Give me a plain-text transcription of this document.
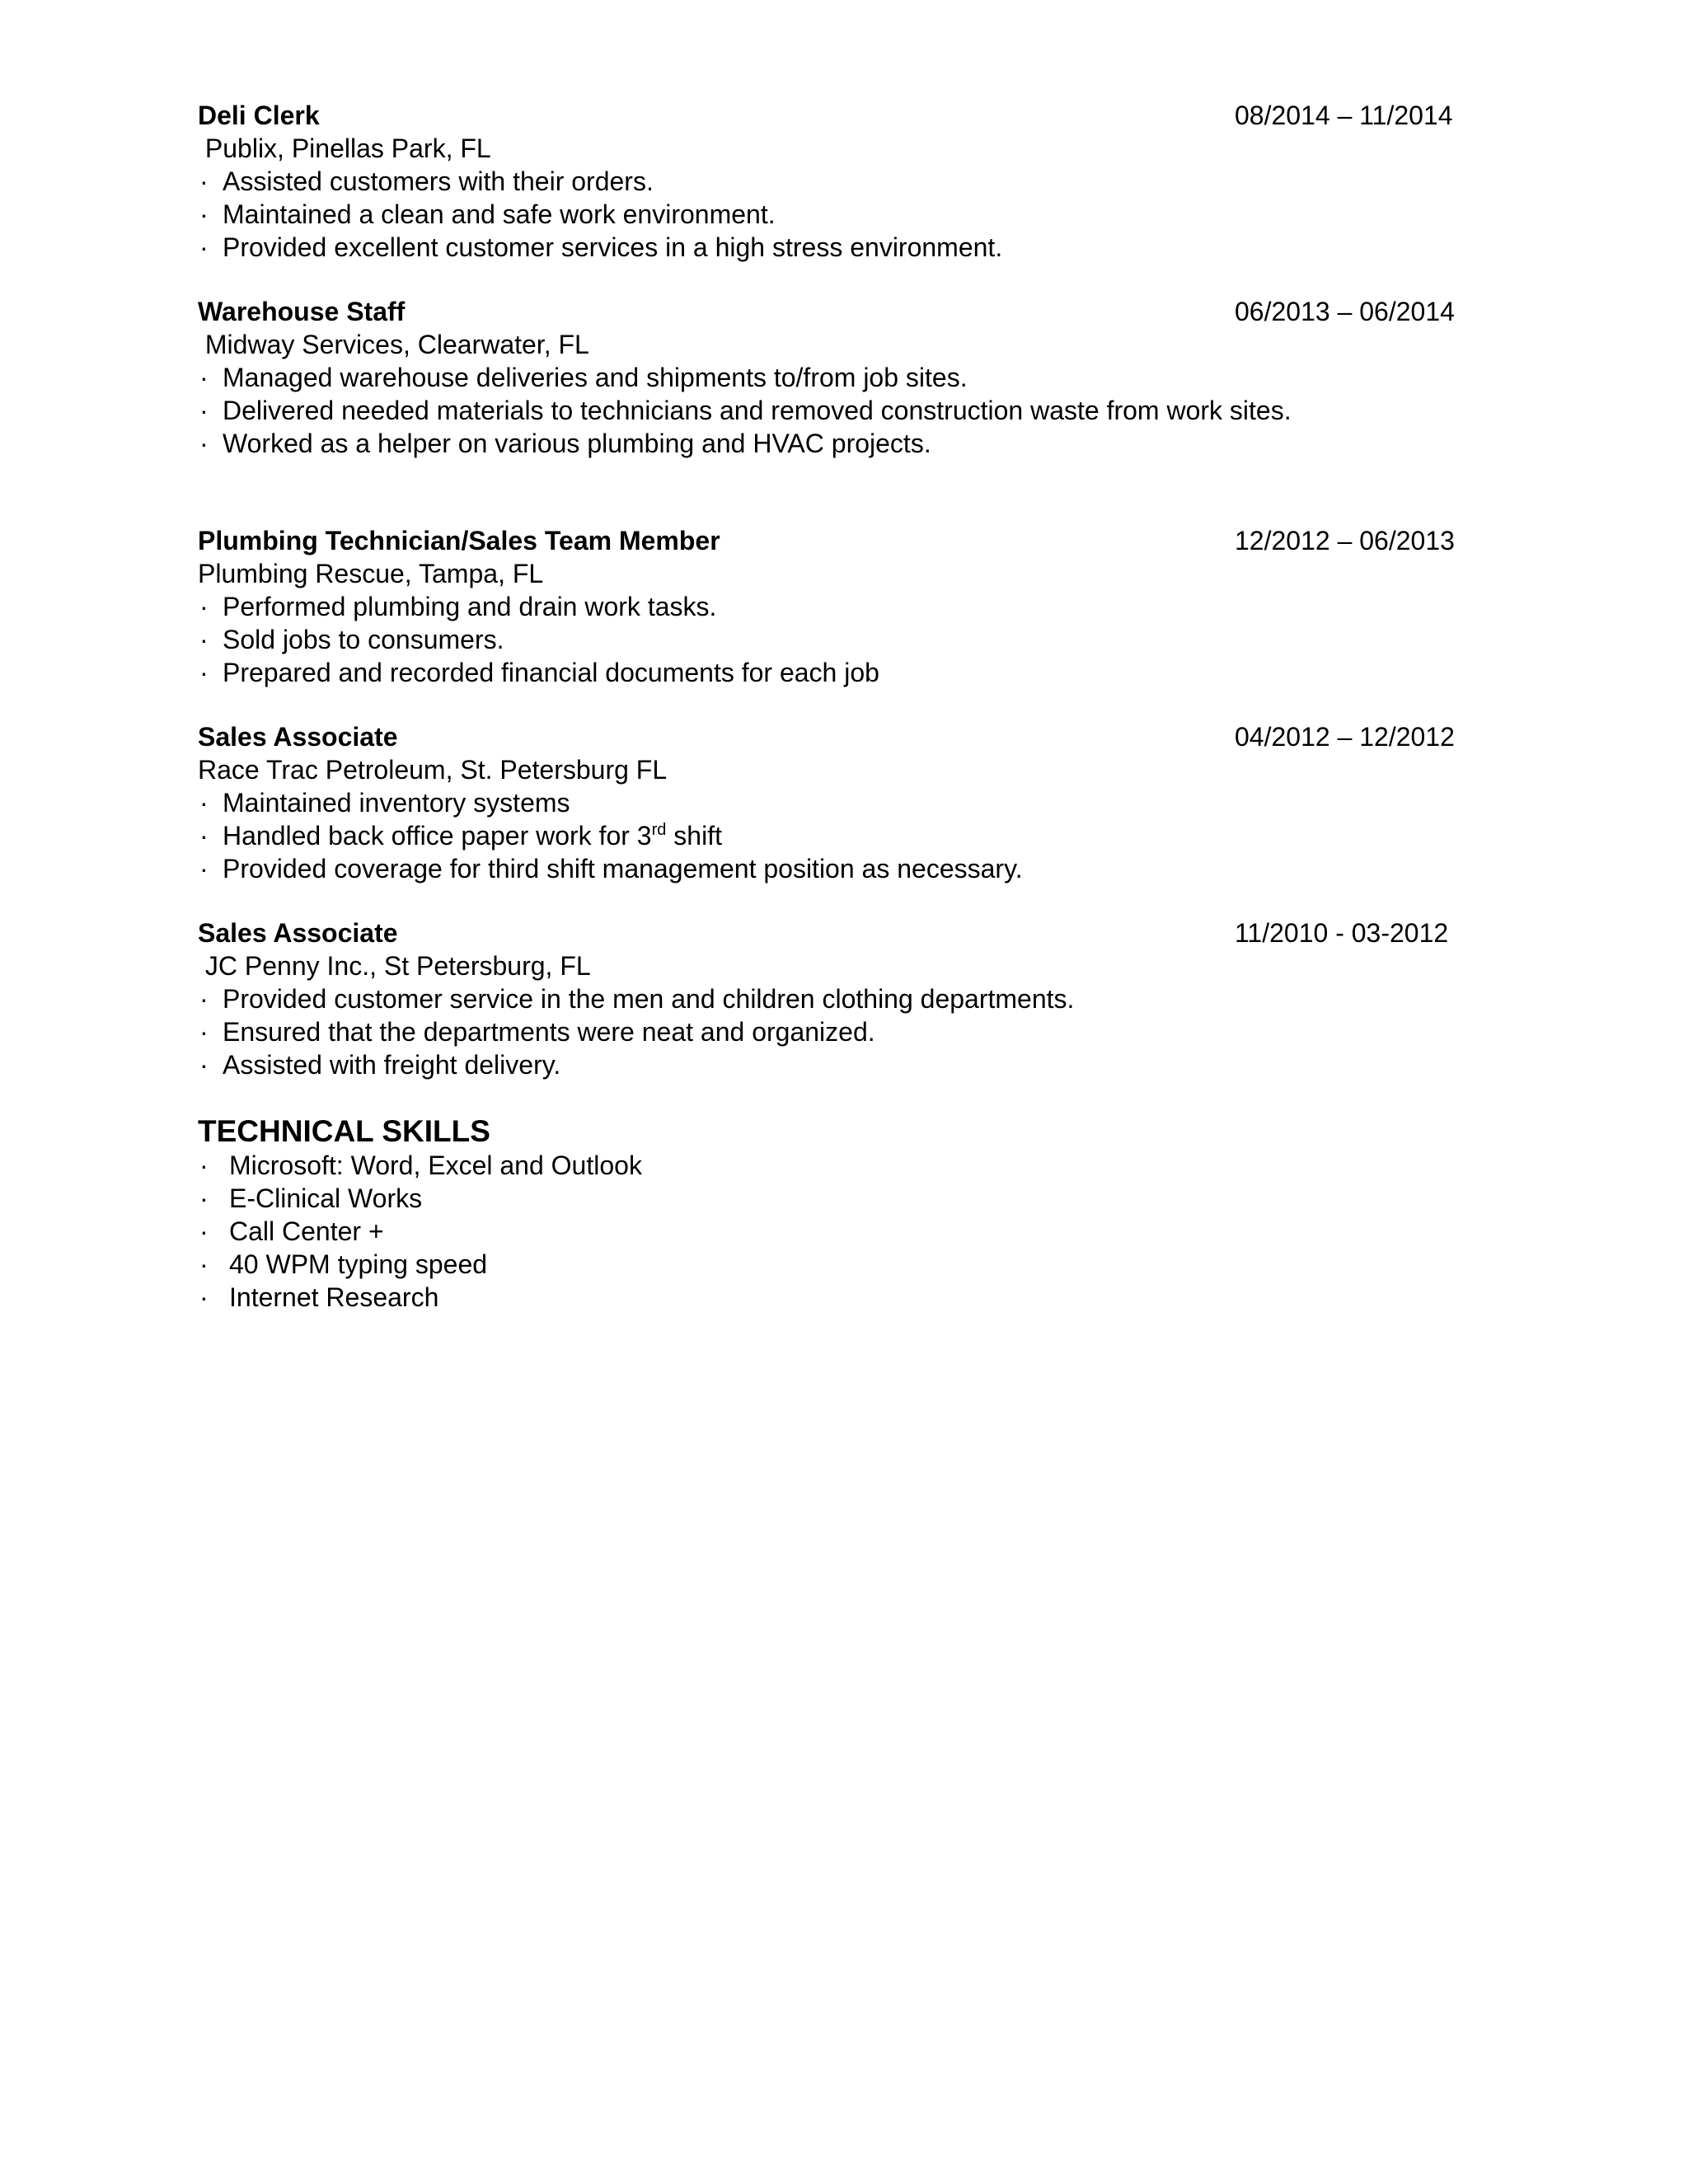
Deli Clerk	08/2014 – 11/2014
Publix, Pinellas Park, FL
· Assisted customers with their orders.
· Maintained a clean and safe work environment.
· Provided excellent customer services in a high stress environment.
Warehouse Staff	06/2013 – 06/2014
Midway Services, Clearwater, FL
· Managed warehouse deliveries and shipments to/from job sites.
· Delivered needed materials to technicians and removed construction waste from work sites.
· Worked as a helper on various plumbing and HVAC projects.
Plumbing Technician/Sales Team Member	12/2012 – 06/2013
Plumbing Rescue, Tampa, FL
· Performed plumbing and drain work tasks.
· Sold jobs to consumers.
· Prepared and recorded financial documents for each job
Sales Associate	04/2012 – 12/2012
Race Trac Petroleum, St. Petersburg FL
· Maintained inventory systems
· Handled back office paper work for 3rd shift
· Provided coverage for third shift management position as necessary.
Sales Associate	11/2010 - 03-2012
JC Penny Inc., St Petersburg, FL
· Provided customer service in the men and children clothing departments.
· Ensured that the departments were neat and organized.
· Assisted with freight delivery.
TECHNICAL SKILLS
· Microsoft: Word, Excel and Outlook
· E-Clinical Works
· Call Center +
· 40 WPM typing speed
· Internet Research
